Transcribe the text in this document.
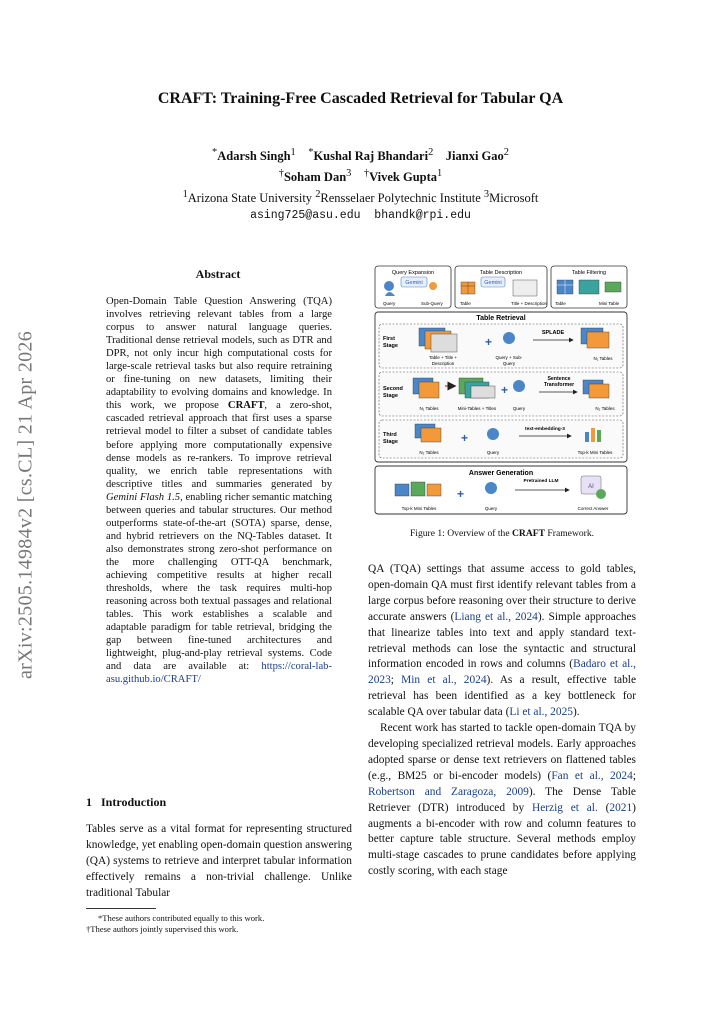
arXiv:2505.14984v2 [cs.CL] 21 Apr 2026
CRAFT: Training-Free Cascaded Retrieval for Tabular QA
*Adarsh Singh$^1$ *Kushal Raj Bhandari$^2$ Jianxi Gao$^2$
†Soham Dan$^3$ †Vivek Gupta$^1$
$^1$Arizona State University $^2$Rensselaer Polytechnic Institute $^3$Microsoft
asing725@asu.edu  bhandk@rpi.edu
Abstract
Open-Domain Table Question Answering (TQA) involves retrieving relevant tables from a large corpus to answer natural language queries. Traditional dense retrieval models, such as DTR and DPR, not only incur high computational costs for large-scale retrieval tasks but also require retraining or fine-tuning on new datasets, limiting their adaptability to evolving domains and knowledge. In this work, we propose CRAFT, a zero-shot, cascaded retrieval approach that first uses a sparse retrieval model to filter a subset of candidate tables before applying more computationally expensive dense models as re-rankers. To improve retrieval quality, we enrich table representations with descriptive titles and summaries generated by Gemini Flash 1.5, enabling richer semantic matching between queries and tabular structures. Our method outperforms state-of-the-art (SOTA) sparse, dense, and hybrid retrievers on the NQ-Tables dataset. It also demonstrates strong zero-shot performance on the more challenging OTT-QA benchmark, achieving competitive results at higher recall thresholds, where the task requires multi-hop reasoning across both textual passages and relational tables. This work establishes a scalable and adaptable paradigm for table retrieval, bridging the gap between fine-tuned architectures and lightweight, plug-and-play retrieval systems. Code and data are available at: https://coral-lab-asu.github.io/CRAFT/
1 Introduction
Tables serve as a vital format for representing structured knowledge, yet enabling open-domain question answering (QA) systems to retrieve and interpret tabular information effectively remains a non-trivial challenge. Unlike traditional Tabular
*These authors contributed equally to this work.
†These authors jointly supervised this work.
QA (TQA) settings that assume access to gold tables, open-domain QA must first identify relevant tables from a large corpus before reasoning over their structure to derive accurate answers (Liang et al., 2024). Simple approaches that linearize tables into text and apply standard text-retrieval methods can lose the syntactic and structural information encoded in rows and columns (Badaro et al., 2023; Min et al., 2024). As a result, effective table retrieval has been identified as a key bottleneck for scalable QA over tabular data (Li et al., 2025).
Recent work has started to tackle open-domain TQA by developing specialized retrieval models. Early approaches adopted sparse or dense text retrievers on flattened tables (e.g., BM25 or bi-encoder models) (Fan et al., 2024; Robertson and Zaragoza, 2009). The Dense Table Retriever (DTR) introduced by Herzig et al. (2021) augments a bi-encoder with row and column features to better capture table structure. Several methods employ multi-stage cascades to prune candidates before applying costly scoring, with each stage
Query Expansion
Gemini
Query	Sub-Query
Table Description
Gemini
Table	Title + Description
Table Filtering
Table	Mini Table
Table Retrieval
First
Stage
Table + Title +
Description
+
Query + Sub-
Query
SPLADE
N₁ Tables
Second
Stage
N₁ Tables	Mini-Tables + Titles
+
Query
Sentence
Transformer
N₂ Tables
Third
Stage
N₂ Tables
+
Query
text-embedding-3
Top-k Mini Tables
Answer Generation
Top-k Mini Tables
+
Query
Pretrained LLM
AI
Correct Answer
Figure 1: Overview of the CRAFT Framework.
